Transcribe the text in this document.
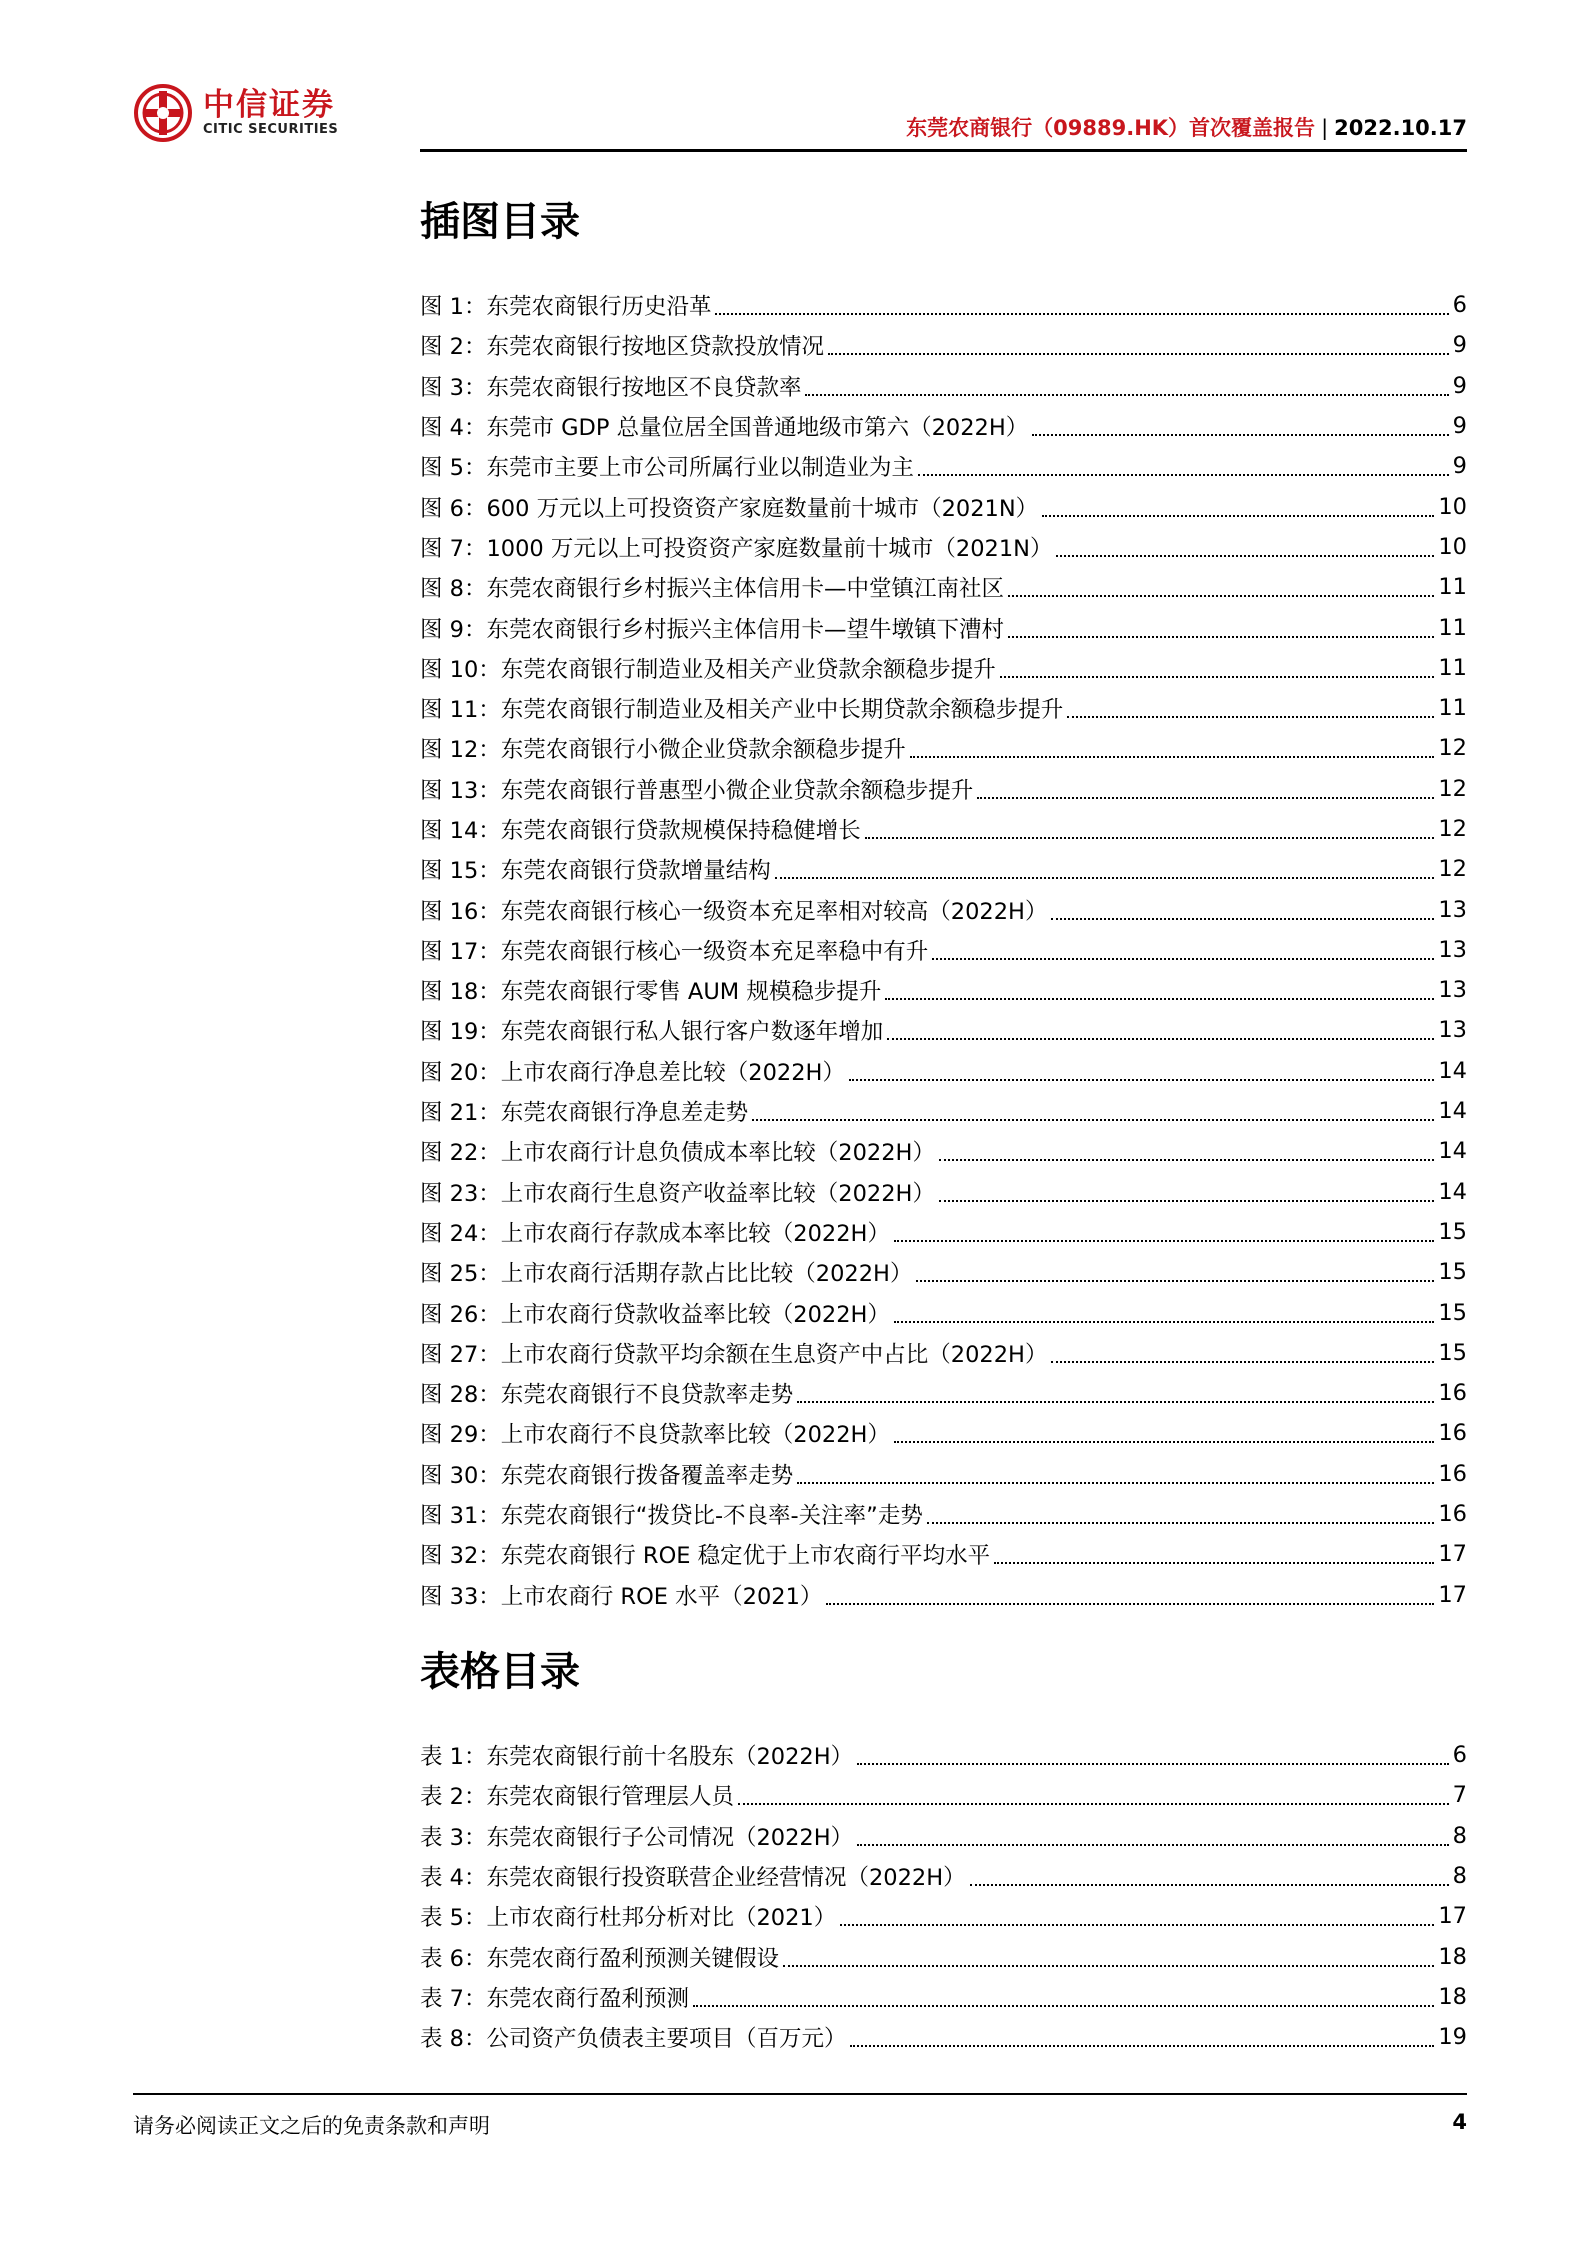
中信证券
CITIC SECURITIES	东莞农商银行（09889.HK）首次覆盖报告 | 2022.10.17
插图目录
图 1：东莞农商银行历史沿革	6
图 2：东莞农商银行按地区贷款投放情况	9
图 3：东莞农商银行按地区不良贷款率	9
图 4：东莞市 GDP 总量位居全国普通地级市第六（2022H）	9
图 5：东莞市主要上市公司所属行业以制造业为主	9
图 6：600 万元以上可投资资产家庭数量前十城市（2021N）	10
图 7：1000 万元以上可投资资产家庭数量前十城市（2021N）	10
图 8：东莞农商银行乡村振兴主体信用卡—中堂镇江南社区	11
图 9：东莞农商银行乡村振兴主体信用卡—望牛墩镇下漕村	11
图 10：东莞农商银行制造业及相关产业贷款余额稳步提升	11
图 11：东莞农商银行制造业及相关产业中长期贷款余额稳步提升	11
图 12：东莞农商银行小微企业贷款余额稳步提升	12
图 13：东莞农商银行普惠型小微企业贷款余额稳步提升	12
图 14：东莞农商银行贷款规模保持稳健增长	12
图 15：东莞农商银行贷款增量结构	12
图 16：东莞农商银行核心一级资本充足率相对较高（2022H）	13
图 17：东莞农商银行核心一级资本充足率稳中有升	13
图 18：东莞农商银行零售 AUM 规模稳步提升	13
图 19：东莞农商银行私人银行客户数逐年增加	13
图 20：上市农商行净息差比较（2022H）	14
图 21：东莞农商银行净息差走势	14
图 22：上市农商行计息负债成本率比较（2022H）	14
图 23：上市农商行生息资产收益率比较（2022H）	14
图 24：上市农商行存款成本率比较（2022H）	15
图 25：上市农商行活期存款占比比较（2022H）	15
图 26：上市农商行贷款收益率比较（2022H）	15
图 27：上市农商行贷款平均余额在生息资产中占比（2022H）	15
图 28：东莞农商银行不良贷款率走势	16
图 29：上市农商行不良贷款率比较（2022H）	16
图 30：东莞农商银行拨备覆盖率走势	16
图 31：东莞农商银行“拨贷比-不良率-关注率”走势	16
图 32：东莞农商银行 ROE 稳定优于上市农商行平均水平	17
图 33：上市农商行 ROE 水平（2021）	17
表格目录
表 1：东莞农商银行前十名股东（2022H）	6
表 2：东莞农商银行管理层人员	7
表 3：东莞农商银行子公司情况（2022H）	8
表 4：东莞农商银行投资联营企业经营情况（2022H）	8
表 5：上市农商行杜邦分析对比（2021）	17
表 6：东莞农商行盈利预测关键假设	18
表 7：东莞农商行盈利预测	18
表 8：公司资产负债表主要项目（百万元）	19
请务必阅读正文之后的免责条款和声明	4
